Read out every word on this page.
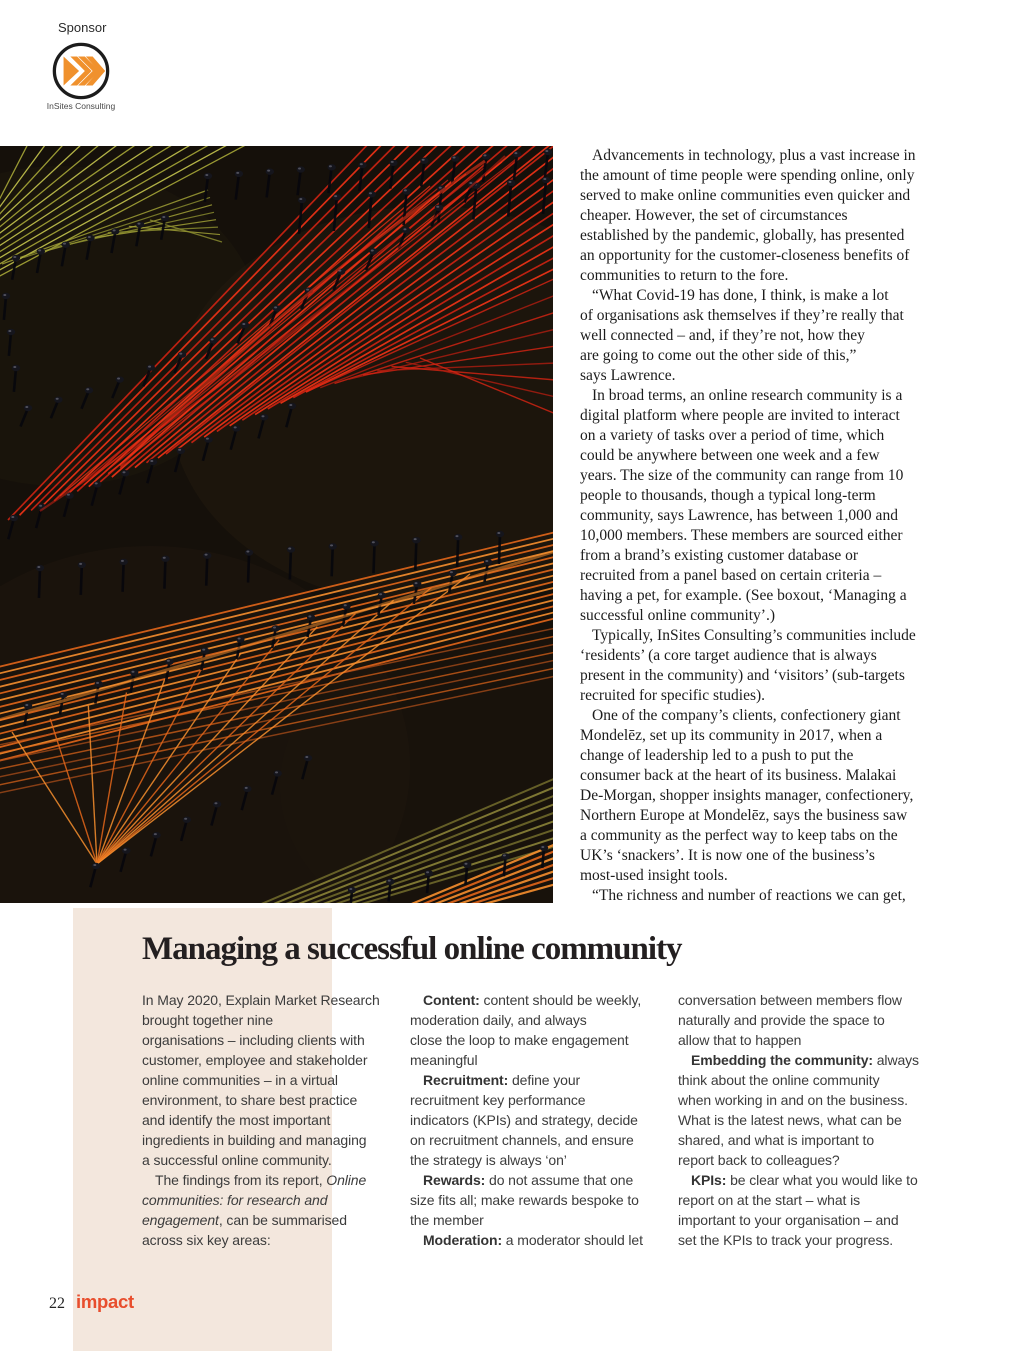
Sponsor
InSites Consulting
Advancements in technology, plus a vast increase in
the amount of time people were spending online, only
served to make online communities even quicker and
cheaper. However, the set of circumstances
established by the pandemic, globally, has presented
an opportunity for the customer-closeness benefits of
communities to return to the fore.
“What Covid-19 has done, I think, is make a lot
of organisations ask themselves if they’re really that
well connected – and, if they’re not, how they
are going to come out the other side of this,”
says Lawrence.
In broad terms, an online research community is a
digital platform where people are invited to interact
on a variety of tasks over a period of time, which
could be anywhere between one week and a few
years. The size of the community can range from 10
people to thousands, though a typical long-term
community, says Lawrence, has between 1,000 and
10,000 members. These members are sourced either
from a brand’s existing customer database or
recruited from a panel based on certain criteria –
having a pet, for example. (See boxout, ‘Managing a
successful online community’.)
Typically, InSites Consulting’s communities include
‘residents’ (a core target audience that is always
present in the community) and ‘visitors’ (sub-targets
recruited for specific studies).
One of the company’s clients, confectionery giant
Mondelēz, set up its community in 2017, when a
change of leadership led to a push to put the
consumer back at the heart of its business. Malakai
De-Morgan, shopper insights manager, confectionery,
Northern Europe at Mondelēz, says the business saw
a community as the perfect way to keep tabs on the
UK’s ‘snackers’. It is now one of the business’s
most-used insight tools.
“The richness and number of reactions we can get,
Managing a successful online community
In May 2020, Explain Market Research
brought together nine
organisations – including clients with
customer, employee and stakeholder
online communities – in a virtual
environment, to share best practice
and identify the most important
ingredients in building and managing
a successful online community.
The findings from its report, Online
communities: for research and
engagement, can be summarised
across six key areas:
Content: content should be weekly,
moderation daily, and always
close the loop to make engagement
meaningful
Recruitment: define your
recruitment key performance
indicators (KPIs) and strategy, decide
on recruitment channels, and ensure
the strategy is always ‘on’
Rewards: do not assume that one
size fits all; make rewards bespoke to
the member
Moderation: a moderator should let
conversation between members flow
naturally and provide the space to
allow that to happen
Embedding the community: always
think about the online community
when working in and on the business.
What is the latest news, what can be
shared, and what is important to
report back to colleagues?
KPIs: be clear what you would like to
report on at the start – what is
important to your organisation – and
set the KPIs to track your progress.
22 impact
